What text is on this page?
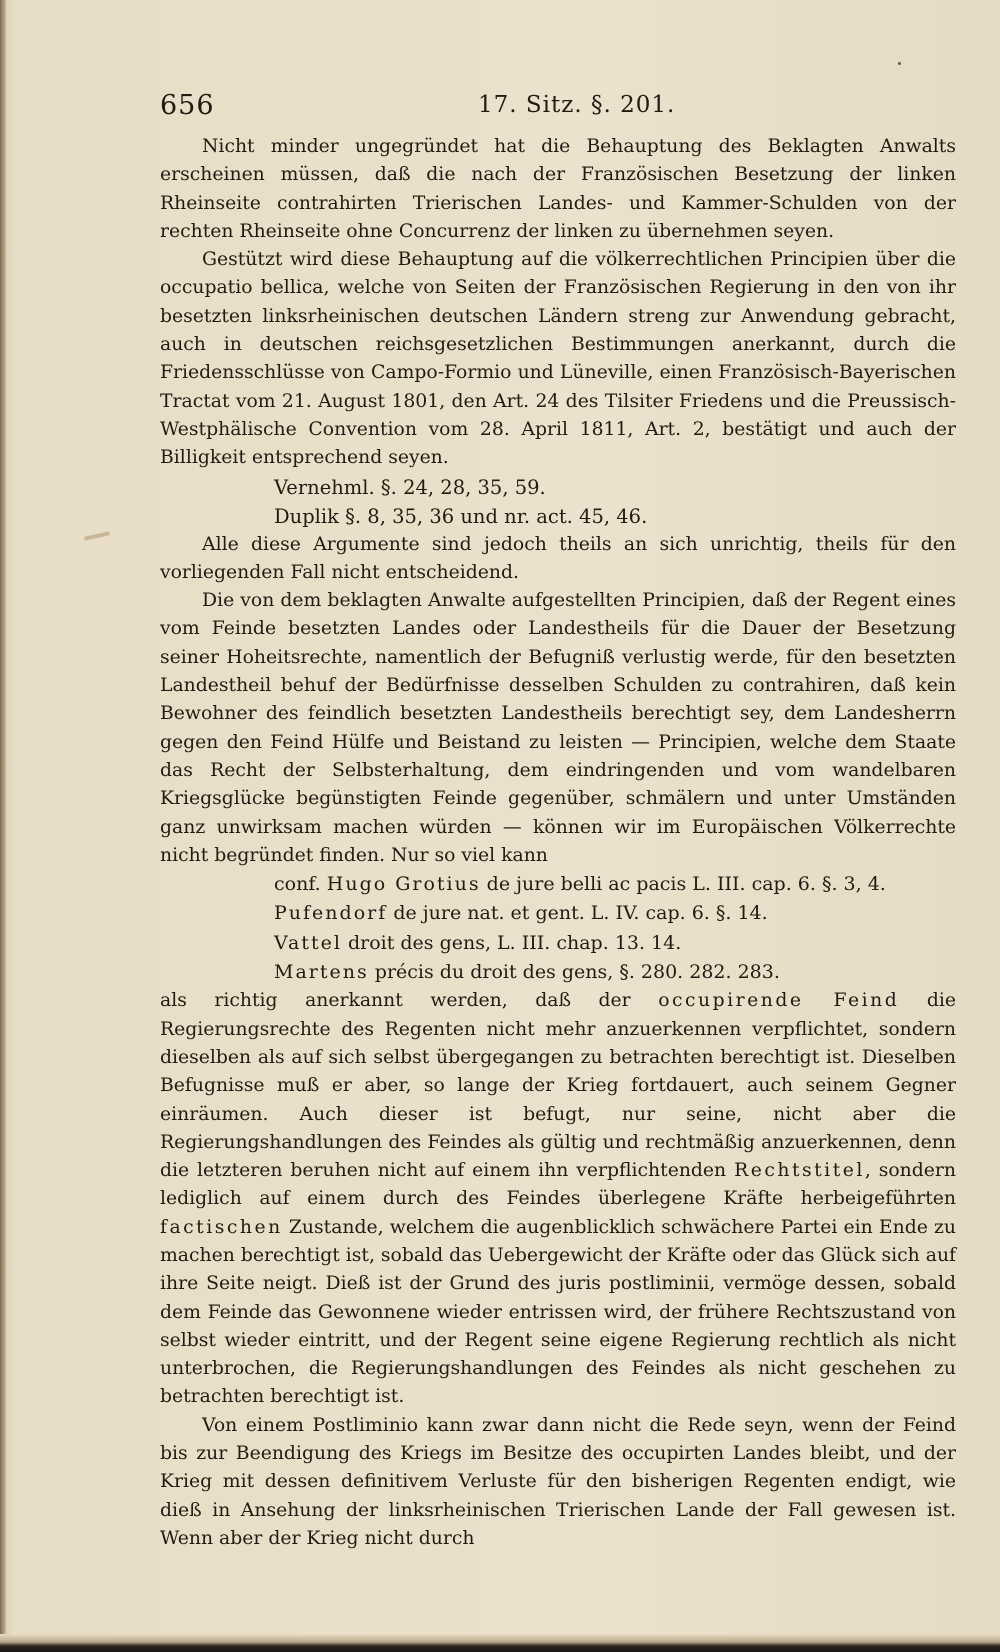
656	17. Sitz. §. 201.

Nicht minder ungegründet hat die Behauptung des Beklagten Anwalts erscheinen müssen, daß die nach der Französischen Besetzung der linken Rheinseite contrahirten Trierischen Landes- und Kammer-Schulden von der rechten Rheinseite ohne Concurrenz der linken zu übernehmen seyen.

Gestützt wird diese Behauptung auf die völkerrechtlichen Principien über die occupatio bellica, welche von Seiten der Französischen Regierung in den von ihr besetzten linksrheinischen deutschen Ländern streng zur Anwendung gebracht, auch in deutschen reichsgesetzlichen Bestimmungen anerkannt, durch die Friedensschlüsse von Campo-Formio und Lüneville, einen Französisch-Bayerischen Tractat vom 21. August 1801, den Art. 24 des Tilsiter Friedens und die Preussisch-Westphälische Convention vom 28. April 1811, Art. 2, bestätigt und auch der Billigkeit entsprechend seyen.

Vernehml. §. 24, 28, 35, 59.

Duplik §. 8, 35, 36 und nr. act. 45, 46.

Alle diese Argumente sind jedoch theils an sich unrichtig, theils für den vorliegenden Fall nicht entscheidend.

Die von dem beklagten Anwalte aufgestellten Principien, daß der Regent eines vom Feinde besetzten Landes oder Landestheils für die Dauer der Besetzung seiner Hoheitsrechte, namentlich der Befugniß verlustig werde, für den besetzten Landestheil behuf der Bedürfnisse desselben Schulden zu contrahiren, daß kein Bewohner des feindlich besetzten Landestheils berechtigt sey, dem Landesherrn gegen den Feind Hülfe und Beistand zu leisten — Principien, welche dem Staate das Recht der Selbsterhaltung, dem eindringenden und vom wandelbaren Kriegsglücke begünstigten Feinde gegenüber, schmälern und unter Umständen ganz unwirksam machen würden — können wir im Europäischen Völkerrechte nicht begründet finden. Nur so viel kann

conf. Hugo Grotius de jure belli ac pacis L. III. cap. 6. §. 3, 4.

Pufendorf de jure nat. et gent. L. IV. cap. 6. §. 14.

Vattel droit des gens, L. III. chap. 13. 14.

Martens précis du droit des gens, §. 280. 282. 283.

als richtig anerkannt werden, daß der occupirende Feind die Regierungsrechte des Regenten nicht mehr anzuerkennen verpflichtet, sondern dieselben als auf sich selbst übergegangen zu betrachten berechtigt ist. Dieselben Befugnisse muß er aber, so lange der Krieg fortdauert, auch seinem Gegner einräumen. Auch dieser ist befugt, nur seine, nicht aber die Regierungshandlungen des Feindes als gültig und rechtmäßig anzuerkennen, denn die letzteren beruhen nicht auf einem ihn verpflichtenden Rechtstitel, sondern lediglich auf einem durch des Feindes überlegene Kräfte herbeigeführten factischen Zustande, welchem die augenblicklich schwächere Partei ein Ende zu machen berechtigt ist, sobald das Uebergewicht der Kräfte oder das Glück sich auf ihre Seite neigt. Dieß ist der Grund des juris postliminii, vermöge dessen, sobald dem Feinde das Gewonnene wieder entrissen wird, der frühere Rechtszustand von selbst wieder eintritt, und der Regent seine eigene Regierung rechtlich als nicht unterbrochen, die Regierungshandlungen des Feindes als nicht geschehen zu betrachten berechtigt ist.

Von einem Postliminio kann zwar dann nicht die Rede seyn, wenn der Feind bis zur Beendigung des Kriegs im Besitze des occupirten Landes bleibt, und der Krieg mit dessen definitivem Verluste für den bisherigen Regenten endigt, wie dieß in Ansehung der linksrheinischen Trierischen Lande der Fall gewesen ist. Wenn aber der Krieg nicht durch
